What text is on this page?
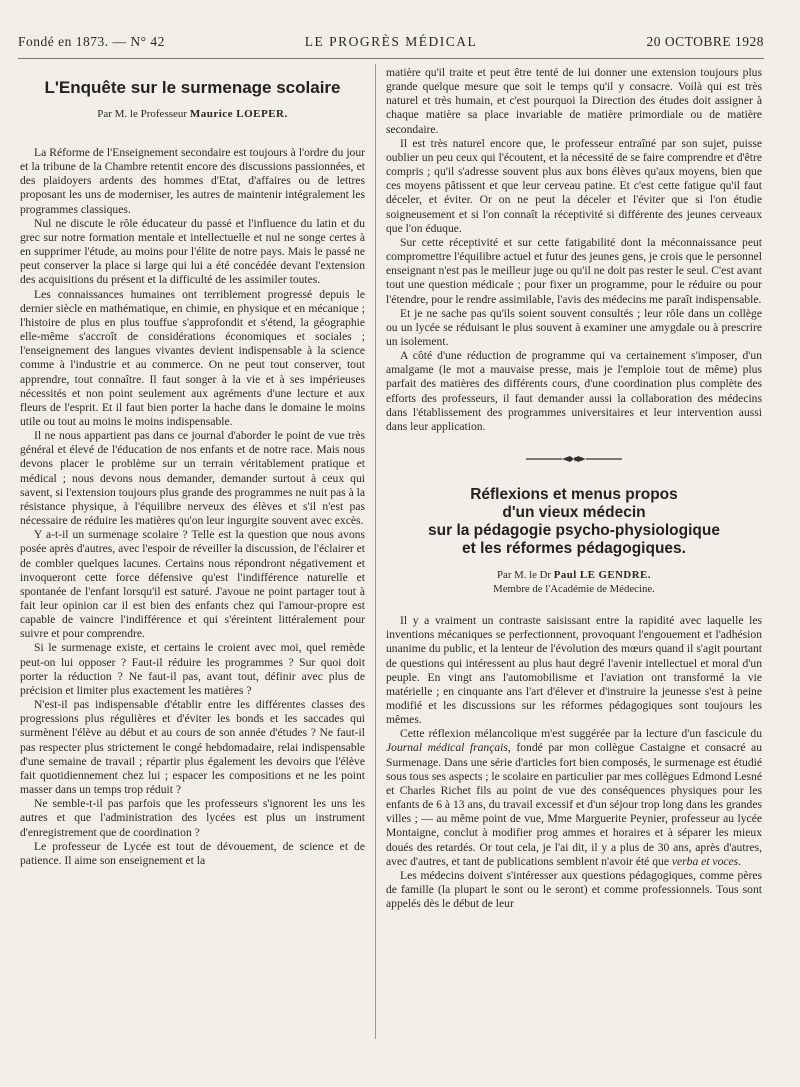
Fondé en 1873. — N° 42	LE PROGRÈS MÉDICAL	20 OCTOBRE 1928
L'Enquête sur le surmenage scolaire
Par M. le Professeur Maurice LOEPER.

La Réforme de l'Enseignement secondaire est toujours à l'ordre du jour et la tribune de la Chambre retentit encore des discussions passionnées, et des plaidoyers ardents des hommes d'Etat, d'affaires ou de lettres proposant les uns de moderniser, les autres de maintenir intégralement les programmes classiques.

Nul ne discute le rôle éducateur du passé et l'influence du latin et du grec sur notre formation mentale et intellectuelle et nul ne songe certes à en supprimer l'étude, au moins pour l'élite de notre pays. Mais le passé ne peut conserver la place si large qui lui a été concédée devant l'extension des acquisitions du présent et la difficulté de les assimiler toutes.

Les connaissances humaines ont terriblement progressé depuis le dernier siècle en mathématique, en chimie, en physique et en mécanique ; l'histoire de plus en plus touffue s'approfondit et s'étend, la géographie elle-même s'accroît de considérations économiques et sociales ; l'enseignement des langues vivantes devient indispensable à la science comme à l'industrie et au commerce. On ne peut tout conserver, tout apprendre, tout connaître. Il faut songer à la vie et à ses impérieuses nécessités et non point seulement aux agréments d'une lecture et aux fleurs de l'esprit. Et il faut bien porter la hache dans le domaine le moins utile ou tout au moins le moins indispensable.

Il ne nous appartient pas dans ce journal d'aborder le point de vue très général et élevé de l'éducation de nos enfants et de notre race. Mais nous devons placer le problème sur un terrain véritablement pratique et médical ; nous devons nous demander, demander surtout à ceux qui savent, si l'extension toujours plus grande des programmes ne nuit pas à la résistance physique, à l'équilibre nerveux des élèves et s'il n'est pas nécessaire de réduire les matières qu'on leur ingurgite souvent avec excès.

Y a-t-il un surmenage scolaire ? Telle est la question que nous avons posée après d'autres, avec l'espoir de réveiller la discussion, de l'éclairer et de combler quelques lacunes. Certains nous répondront négativement et invoqueront cette force défensive qu'est l'indifférence naturelle et spontanée de l'enfant lorsqu'il est saturé. J'avoue ne point partager tout à fait leur opinion car il est bien des enfants chez qui l'amour-propre est capable de vaincre l'indifférence et qui s'éreintent littéralement pour suivre et pour comprendre.

Si le surmenage existe, et certains le croient avec moi, quel remède peut-on lui opposer ? Faut-il réduire les programmes ? Sur quoi doit porter la réduction ? Ne faut-il pas, avant tout, définir avec plus de précision et limiter plus exactement les matières ?

N'est-il pas indispensable d'établir entre les différentes classes des progressions plus régulières et d'éviter les bonds et les saccades qui surmènent l'élève au début et au cours de son année d'études ? Ne faut-il pas respecter plus strictement le congé hebdomadaire, relai indispensable d'une semaine de travail ; répartir plus également les devoirs que l'élève fait quotidiennement chez lui ; espacer les compositions et ne les point masser dans un temps trop réduit ?

Ne semble-t-il pas parfois que les professeurs s'ignorent les uns les autres et que l'administration des lycées est plus un instrument d'enregistrement que de coordination ?

Le professeur de Lycée est tout de dévouement, de science et de patience. Il aime son enseignement et la

matière qu'il traite et peut être tenté de lui donner une extension toujours plus grande quelque mesure que soit le temps qu'il y consacre. Voilà qui est très naturel et très humain, et c'est pourquoi la Direction des études doit assigner à chaque matière sa place invariable de matière primordiale ou de matière secondaire.

Il est très naturel encore que, le professeur entraîné par son sujet, puisse oublier un peu ceux qui l'écoutent, et la nécessité de se faire comprendre et d'être compris ; qu'il s'adresse souvent plus aux bons élèves qu'aux moyens, bien que ces moyens pâtissent et que leur cerveau patine. Et c'est cette fatigue qu'il faut déceler, et éviter. Or on ne peut la déceler et l'éviter que si l'on étudie soigneusement et si l'on connaît la réceptivité si différente des jeunes cerveaux que l'on éduque.

Sur cette réceptivité et sur cette fatigabilité dont la méconnaissance peut compromettre l'équilibre actuel et futur des jeunes gens, je crois que le personnel enseignant n'est pas le meilleur juge ou qu'il ne doit pas rester le seul. C'est avant tout une question médicale ; pour fixer un programme, pour le réduire ou pour l'étendre, pour le rendre assimilable, l'avis des médecins me paraît indispensable.

Et je ne sache pas qu'ils soient souvent consultés ; leur rôle dans un collège ou un lycée se réduisant le plus souvent à examiner une amygdale ou à prescrire un isolement.

A côté d'une réduction de programme qui va certainement s'imposer, d'un amalgame (le mot a mauvaise presse, mais je l'emploie tout de même) plus parfait des matières des différents cours, d'une coordination plus complète des efforts des professeurs, il faut demander aussi la collaboration des médecins dans l'établissement des programmes universitaires et leur intervention aussi dans leur application.

Réflexions et menus propos
d'un vieux médecin
sur la pédagogie psycho-physiologique
et les réformes pédagogiques.
Par M. le Dr Paul LE GENDRE.
Membre de l'Académie de Médecine.

Il y a vraiment un contraste saisissant entre la rapidité avec laquelle les inventions mécaniques se perfectionnent, provoquant l'engouement et l'adhésion unanime du public, et la lenteur de l'évolution des mœurs quand il s'agit pourtant de questions qui intéressent au plus haut degré l'avenir intellectuel et moral d'un peuple. En vingt ans l'automobilisme et l'aviation ont transformé la vie matérielle ; en cinquante ans l'art d'élever et d'instruire la jeunesse s'est à peine modifié et les discussions sur les réformes pédagogiques sont toujours les mêmes.

Cette réflexion mélancolique m'est suggérée par la lecture d'un fascicule du Journal médical français, fondé par mon collègue Castaigne et consacré au Surmenage. Dans une série d'articles fort bien composés, le surmenage est étudié sous tous ses aspects ; le scolaire en particulier par mes collègues Edmond Lesné et Charles Richet fils au point de vue des conséquences physiques pour les enfants de 6 à 13 ans, du travail excessif et d'un séjour trop long dans les grandes villes ; — au même point de vue, Mme Marguerite Peynier, professeur au lycée Montaigne, conclut à modifier prog ammes et horaires et à séparer les mieux doués des retardés. Or tout cela, je l'ai dit, il y a plus de 30 ans, après d'autres, avec d'autres, et tant de publications semblent n'avoir été que verba et voces.

Les médecins doivent s'intéresser aux questions pédagogiques, comme pères de famille (la plupart le sont ou le seront) et comme professionnels. Tous sont appelés dès le début de leur
